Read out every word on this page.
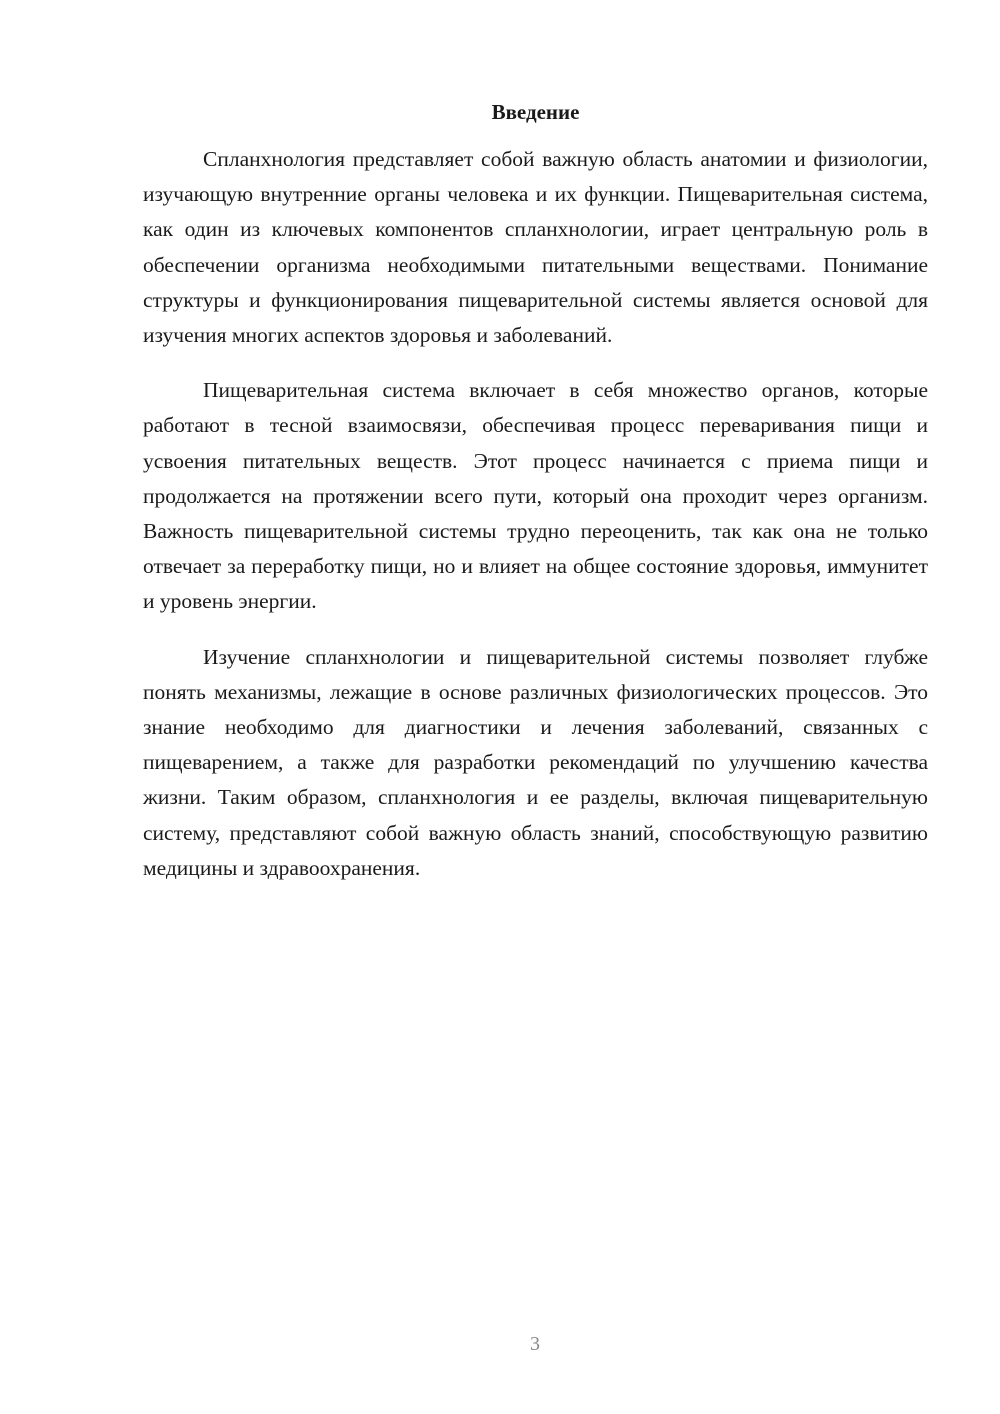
Введение

Спланхнология представляет собой важную область анатомии и физиологии, изучающую внутренние органы человека и их функции. Пищеварительная система, как один из ключевых компонентов спланхнологии, играет центральную роль в обеспечении организма необходимыми питательными веществами. Понимание структуры и функционирования пищеварительной системы является основой для изучения многих аспектов здоровья и заболеваний.

Пищеварительная система включает в себя множество органов, которые работают в тесной взаимосвязи, обеспечивая процесс переваривания пищи и усвоения питательных веществ. Этот процесс начинается с приема пищи и продолжается на протяжении всего пути, который она проходит через организм. Важность пищеварительной системы трудно переоценить, так как она не только отвечает за переработку пищи, но и влияет на общее состояние здоровья, иммунитет и уровень энергии.

Изучение спланхнологии и пищеварительной системы позволяет глубже понять механизмы, лежащие в основе различных физиологических процессов. Это знание необходимо для диагностики и лечения заболеваний, связанных с пищеварением, а также для разработки рекомендаций по улучшению качества жизни. Таким образом, спланхнология и ее разделы, включая пищеварительную систему, представляют собой важную область знаний, способствующую развитию медицины и здравоохранения.

3
